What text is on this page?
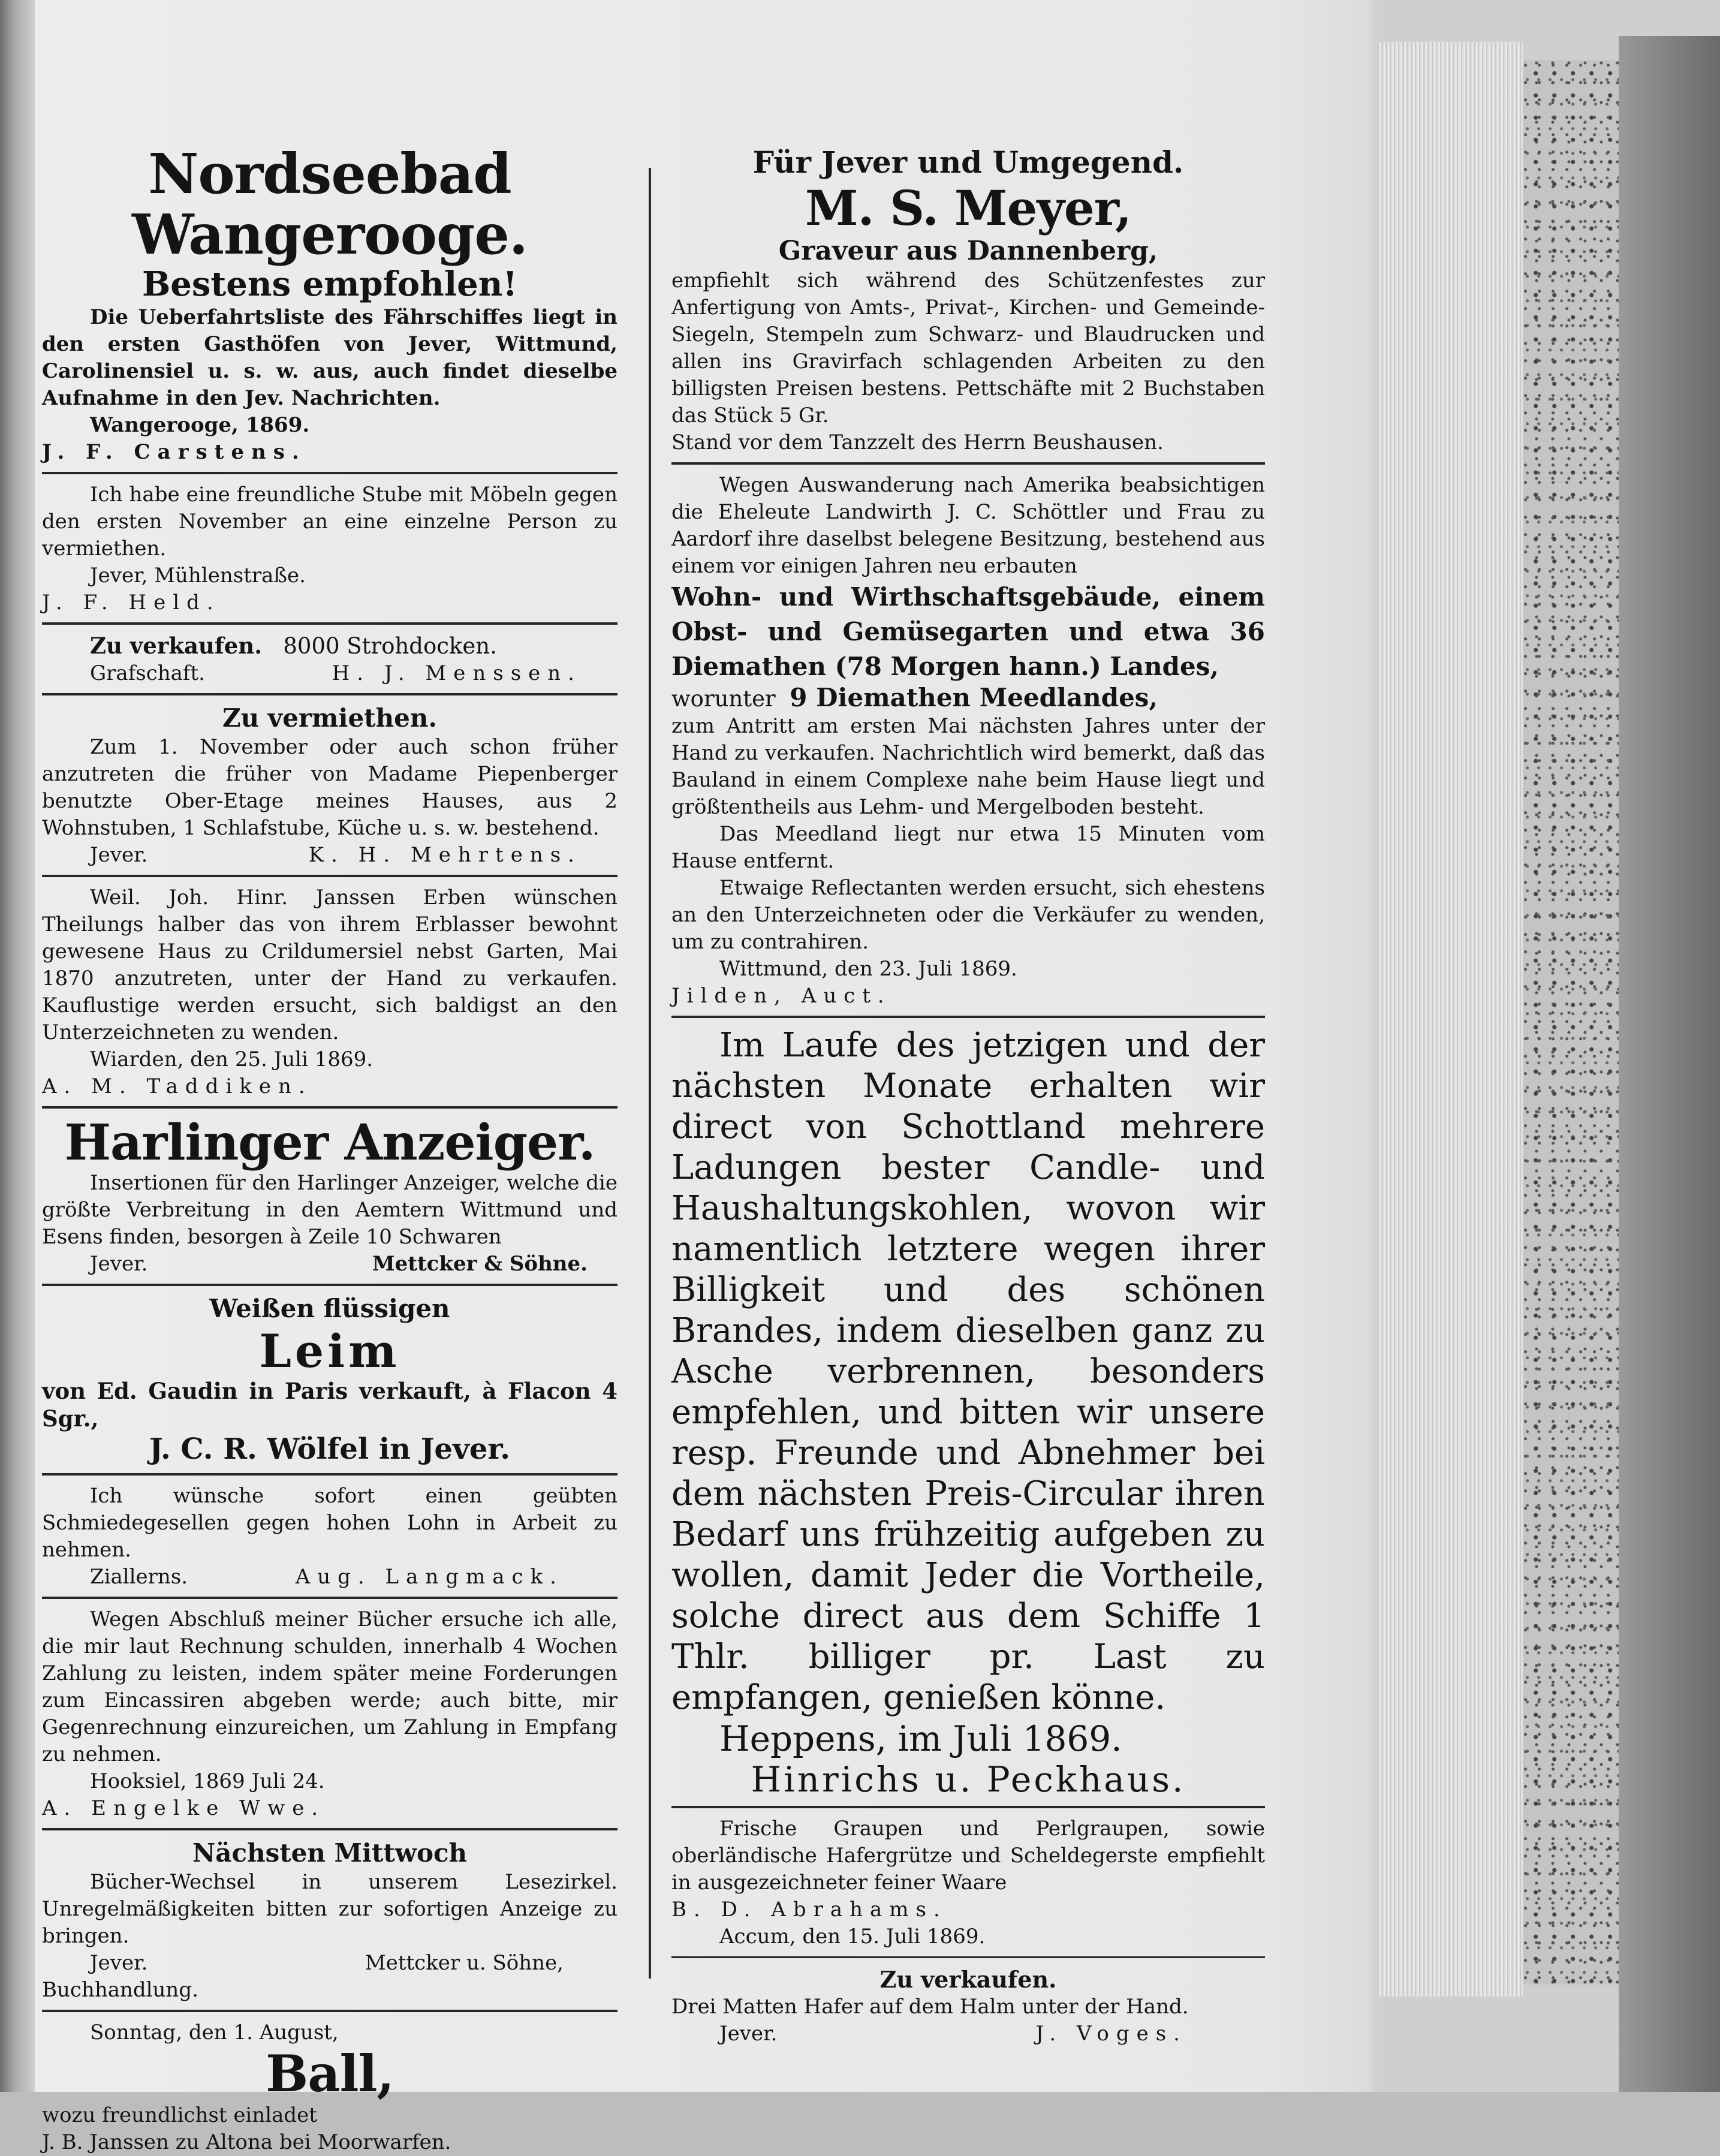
Nordseebad Wangerooge.
Bestens empfohlen!

Die Ueberfahrtsliste des Fährschiffes liegt in den ersten Gasthöfen von Jever, Wittmund, Carolinensiel u. s. w. aus, auch findet dieselbe Aufnahme in den Jev. Nachrichten.

Wangerooge, 1869.

J. F. Carstens.

Ich habe eine freundliche Stube mit Möbeln gegen den ersten November an eine einzelne Person zu vermiethen.

Jever, Mühlenstraße.

J. F. Held.

Zu verkaufen. 8000 Strohdocken.

Grafschaft.	H. J. Menssen.
Zu vermiethen.

Zum 1. November oder auch schon früher anzutreten die früher von Madame Piepenberger benutzte Ober-Etage meines Hauses, aus 2 Wohnstuben, 1 Schlafstube, Küche u. s. w. bestehend.

Jever.	K. H. Mehrtens.

Weil. Joh. Hinr. Janssen Erben wünschen Theilungs halber das von ihrem Erblasser bewohnt gewesene Haus zu Crildumersiel nebst Garten, Mai 1870 anzutreten, unter der Hand zu verkaufen. Kauflustige werden ersucht, sich baldigst an den Unterzeichneten zu wenden.

Wiarden, den 25. Juli 1869.

A. M. Taddiken.

Harlinger Anzeiger.

Insertionen für den Harlinger Anzeiger, welche die größte Verbreitung in den Aemtern Wittmund und Esens finden, besorgen à Zeile 10 Schwaren

Jever.	Mettcker & Söhne.
Weißen flüssigen
Leim

von Ed. Gaudin in Paris verkauft, à Flacon 4 Sgr.,

J. C. R. Wölfel in Jever.

Ich wünsche sofort einen geübten Schmiedegesellen gegen hohen Lohn in Arbeit zu nehmen.

Ziallerns.	Aug. Langmack.

Wegen Abschluß meiner Bücher ersuche ich alle, die mir laut Rechnung schulden, innerhalb 4 Wochen Zahlung zu leisten, indem später meine Forderungen zum Eincassiren abgeben werde; auch bitte, mir Gegenrechnung einzureichen, um Zahlung in Empfang zu nehmen.

Hooksiel, 1869 Juli 24.

A. Engelke Wwe.

Nächsten Mittwoch

Bücher-Wechsel in unserem Lesezirkel. Unregelmäßigkeiten bitten zur sofortigen Anzeige zu bringen.

Jever.	Mettcker u. Söhne,

Buchhandlung.

Sonntag, den 1. August,

Ball,

wozu freundlichst einladet

J. B. Janssen zu Altona bei Moorwarfen.

Für Jever und Umgegend.
M. S. Meyer,
Graveur aus Dannenberg,

empfiehlt sich während des Schützenfestes zur Anfertigung von Amts-, Privat-, Kirchen- und Gemeinde-Siegeln, Stempeln zum Schwarz- und Blaudrucken und allen ins Gravirfach schlagenden Arbeiten zu den billigsten Preisen bestens. Pettschäfte mit 2 Buchstaben das Stück 5 Gr.

Stand vor dem Tanzzelt des Herrn Beushausen.

Wegen Auswanderung nach Amerika beabsichtigen die Eheleute Landwirth J. C. Schöttler und Frau zu Aardorf ihre daselbst belegene Besitzung, bestehend aus einem vor einigen Jahren neu erbauten

Wohn- und Wirthschaftsgebäude, einem Obst- und Gemüsegarten und etwa 36 Diemathen (78 Morgen hann.) Landes,

worunter 9 Diemathen Meedlandes,

zum Antritt am ersten Mai nächsten Jahres unter der Hand zu verkaufen. Nachrichtlich wird bemerkt, daß das Bauland in einem Complexe nahe beim Hause liegt und größtentheils aus Lehm- und Mergelboden besteht.

Das Meedland liegt nur etwa 15 Minuten vom Hause entfernt.

Etwaige Reflectanten werden ersucht, sich ehestens an den Unterzeichneten oder die Verkäufer zu wenden, um zu contrahiren.

Wittmund, den 23. Juli 1869.

Jilden, Auct.

Im Laufe des jetzigen und der nächsten Monate erhalten wir direct von Schottland mehrere Ladungen bester Candle- und Haushaltungskohlen, wovon wir namentlich letztere wegen ihrer Billigkeit und des schönen Brandes, indem dieselben ganz zu Asche verbrennen, besonders empfehlen, und bitten wir unsere resp. Freunde und Abnehmer bei dem nächsten Preis-Circular ihren Bedarf uns frühzeitig aufgeben zu wollen, damit Jeder die Vortheile, solche direct aus dem Schiffe 1 Thlr. billiger pr. Last zu empfangen, genießen könne.

Heppens, im Juli 1869.

Hinrichs u. Peckhaus.

Frische Graupen und Perlgraupen, sowie oberländische Hafergrütze und Scheldegerste empfiehlt in ausgezeichneter feiner Waare

B. D. Abrahams.

Accum, den 15. Juli 1869.

Zu verkaufen.

Drei Matten Hafer auf dem Halm unter der Hand.

Jever.	J. Voges.
